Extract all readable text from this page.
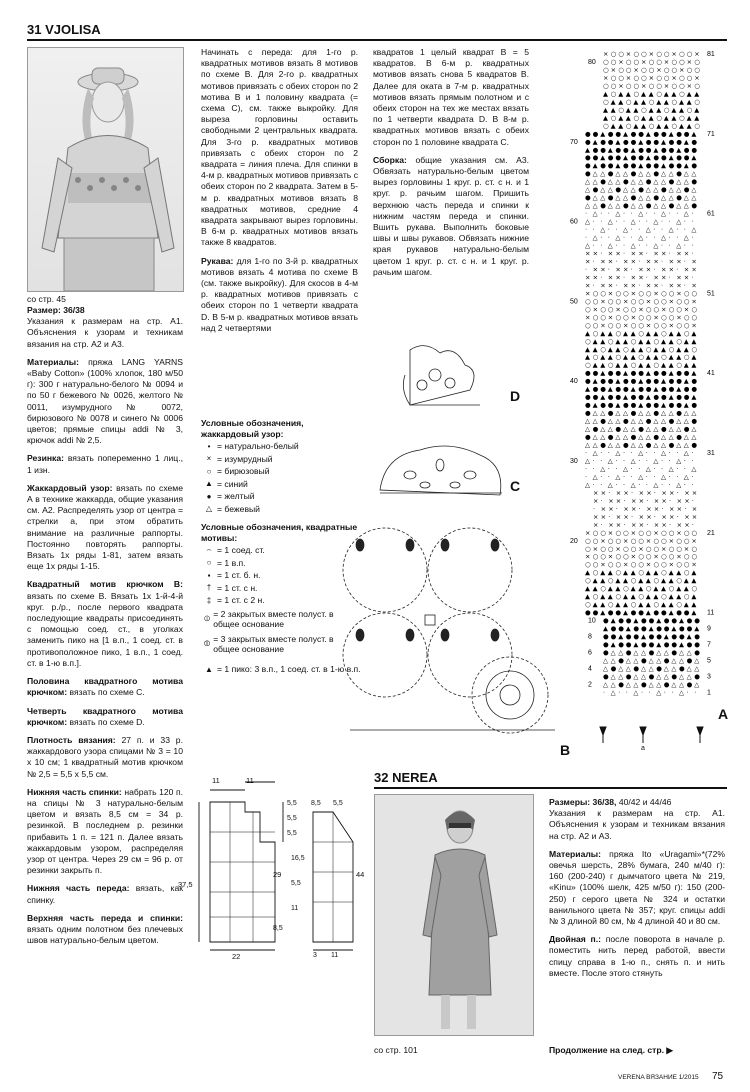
31 VJOLISA
со стр. 45

Размер: 36/38

Указания к размерам на стр. А1. Объяснения к узорам и техникам вязания на стр. А2 и А3.

Материалы: пряжа LANG YARNS «Baby Cotton» (100% хлопок, 180 м/50 г): 300 г натурально-белого № 0094 и по 50 г бежевого № 0026, желтого № 0011, изумрудного № 0072, бирюзового № 0078 и синего № 0006 цветов; прямые спицы addi № 3, крючок addi № 2,5.

Резинка: вязать попеременно 1 лиц., 1 изн.

Жаккардовый узор: вязать по схеме А в технике жаккарда, общие указания см. А2. Распределять узор от центра = стрелки а, при этом обратить внимание на различные раппорты. Постоянно повторять раппорты. Вязать 1х ряды 1-81, затем вязать еще 1х ряды 1-15.

Квадратный мотив крючком В: вязать по схеме В. Вязать 1х 1-й-4-й круг. р./р., после первого квадрата последующие квадраты присоединять с помощью соед. ст., в уголках заменить пико на [1 в.п., 1 соед. ст. в противоположное пико, 1 в.п., 1 соед. ст. в 1-ю в.п.].

Половина квадратного мотива крючком: вязать по схеме С.

Четверть квадратного мотива крючком: вязать по схеме D.

Плотность вязания: 27 п. и 33 р. жаккардового узора спицами № 3 = 10 х 10 см; 1 квадратный мотив крючком № 2,5 = 5,5 х 5,5 см.

Нижняя часть спинки: набрать 120 п. на спицы № 3 натурально-белым цветом и вязать 8,5 см = 34 р. резинкой. В последнем р. резинки прибавить 1 п. = 121 п. Далее вязать жаккардовым узором, распределяя узор от центра. Через 29 см = 96 р. от резинки закрыть п.

Нижняя часть переда: вязать, как спинку.

Верхняя часть переда и спинки: вязать одним полотном без плечевых швов натурально-белым цветом.

Начинать с переда: для 1-го р. квадратных мотивов вязать 8 мотивов по схеме В. Для 2-го р. квадратных мотивов привязать с обеих сторон по 2 мотива В и 1 половину квадрата (= схема С), см. также выкройку. Для выреза горловины оставить свободными 2 центральных квадрата. Для 3-го р. квадратных мотивов привязать с обеих сторон по 2 квадрата = линия плеча. Для спинки в 4-м р. квадратных мотивов привязать с обеих сторон по 2 квадрата. Затем в 5-м р. квадратных мотивов вязать 8 квадратных мотивов, средние 4 квадрата закрывают вырез горловины. В 6-м р. квадратных мотивов вязать также 8 квадратов.

Рукава: для 1-го по 3-й р. квадратных мотивов вязать 4 мотива по схеме В (см. также выкройку). Для скосов в 4-м р. квадратных мотивов привязать с обеих сторон по 1 четверти квадрата D. В 5-м р. квадратных мотивов вязать над 2 четвертями

квадратов 1 целый квадрат В = 5 квадратов. В 6-м р. квадратных мотивов вязать снова 5 квадратов В. Далее для оката в 7-м р. квадратных мотивов вязать прямым полотном и с обеих сторон на тех же местах вязать по 1 четверти квадрата D. В 8-м р. квадратных мотивов вязать с обеих сторон по 1 половине квадрата С.

Сборка: общие указания см. А3. Обвязать натурально-белым цветом вырез горловины 1 круг. р. ст. с н. и 1 круг. р. рачьим шагом. Пришить верхнюю часть переда и спинки к нижним частям переда и спинки. Вшить рукава. Выполнить боковые швы и швы рукавов. Обвязать нижние края рукавов натурально-белым цветом 1 круг. р. ст. с н. и 1 круг. р. рачьим шагом.

Условные обозначения, жаккардовый узор:
• = натурально-белый
× = изумрудный
○ = бирюзовый
▲ = синий
● = желтый
△ = бежевый
Условные обозначения, квадратные мотивы:
⌢ = 1 соед. ст.
○ = 1 в.п.
▪ = 1 ст. б. н.
† = 1 ст. с н.
‡ = 1 ст. с 2 н.
⦶ = 2 закрытых вместе полуст. в общее основание
⦷ = 3 закрытых вместе полуст. в общее основание
▲ = 1 пико: 3 в.п., 1 соед. ст. в 1-ю в.п.
D
C
B
× ○ ○ × ○ ○ × ○ ○ × ○ ○ ×
○ ○ × ○ ○ × ○ ○ × ○ ○ × ○
○ × ○ ○ × ○ ○ × ○ ○ × ○ ○
× ○ ○ × ○ ○ × ○ ○ × ○ ○ ×
○ ○ × ○ ○ × ○ ○ × ○ ○ × ○
▲ ○ ▲ ▲ ○ ▲ ▲ ○ ▲ ▲ ○ ▲ ▲
○ ▲ ▲ ○ ▲ ▲ ○ ▲ ▲ ○ ▲ ▲ ○
▲ ▲ ○ ▲ ▲ ○ ▲ ▲ ○ ▲ ▲ ○ ▲
▲ ○ ▲ ▲ ○ ▲ ▲ ○ ▲ ▲ ○ ▲ ▲
○ ▲ ▲ ○ ▲ ▲ ○ ▲ ▲ ○ ▲ ▲ ○
● ● ▲ ● ● ▲ ● ● ▲ ● ● ▲ ● ● ▲
● ▲ ● ● ▲ ● ● ▲ ● ● ▲ ● ● ▲ ●
▲ ● ● ▲ ● ● ▲ ● ● ▲ ● ● ▲ ● ●
● ● ▲ ● ● ▲ ● ● ▲ ● ● ▲ ● ● ▲
● ▲ ● ● ▲ ● ● ▲ ● ● ▲ ● ● ▲ ●
● △ △ ● △ △ ● △ △ ● △ △ ● △ △
△ △ ● △ △ ● △ △ ● △ △ ● △ △ ●
△ ● △ △ ● △ △ ● △ △ ● △ △ ● △
● △ △ ● △ △ ● △ △ ● △ △ ● △ △
△ △ ● △ △ ● △ △ ● △ △ ● △ △ ●
· △ · · △ · · △ · · △ · · △ ·
△ · · △ · · △ · · △ · · △ · ·
· · △ · · △ · · △ · · △ · · △
· △ · · △ · · △ · · △ · · △ ·
△ · · △ · · △ · · △ · · △ · ·
× × · × × · × × · × × · × × ·
× · × × · × × · × × · × × · ×
· × × · × × · × × · × × · × ×
× × · × × · × × · × × · × × ·
× · × × · × × · × × · × × · ×
× ○ ○ × ○ ○ × ○ ○ × ○ ○ × ○ ○
○ ○ × ○ ○ × ○ ○ × ○ ○ × ○ ○ ×
○ × ○ ○ × ○ ○ × ○ ○ × ○ ○ × ○
× ○ ○ × ○ ○ × ○ ○ × ○ ○ × ○ ○
○ ○ × ○ ○ × ○ ○ × ○ ○ × ○ ○ ×
▲ ○ ▲ ▲ ○ ▲ ▲ ○ ▲ ▲ ○ ▲ ▲ ○ ▲
○ ▲ ▲ ○ ▲ ▲ ○ ▲ ▲ ○ ▲ ▲ ○ ▲ ▲
▲ ▲ ○ ▲ ▲ ○ ▲ ▲ ○ ▲ ▲ ○ ▲ ▲ ○
▲ ○ ▲ ▲ ○ ▲ ▲ ○ ▲ ▲ ○ ▲ ▲ ○ ▲
○ ▲ ▲ ○ ▲ ▲ ○ ▲ ▲ ○ ▲ ▲ ○ ▲ ▲
● ● ▲ ● ● ▲ ● ● ▲ ● ● ▲ ● ● ▲
● ▲ ● ● ▲ ● ● ▲ ● ● ▲ ● ● ▲ ●
▲ ● ● ▲ ● ● ▲ ● ● ▲ ● ● ▲ ● ●
● ● ▲ ● ● ▲ ● ● ▲ ● ● ▲ ● ● ▲
● ▲ ● ● ▲ ● ● ▲ ● ● ▲ ● ● ▲ ●
● △ △ ● △ △ ● △ △ ● △ △ ● △ △
△ △ ● △ △ ● △ △ ● △ △ ● △ △ ●
△ ● △ △ ● △ △ ● △ △ ● △ △ ● △
● △ △ ● △ △ ● △ △ ● △ △ ● △ △
△ △ ● △ △ ● △ △ ● △ △ ● △ △ ●
· △ · · △ · · △ · · △ · · △ ·
△ · · △ · · △ · · △ · · △ · ·
· · △ · · △ · · △ · · △ · · △
· △ · · △ · · △ · · △ · · △ ·
△ · · △ · · △ · · △ · · △ · ·
× × · × × · × × · × × · × ×
× · × × · × × · × × · × × ·
· × × · × × · × × · × × · ×
× × · × × · × × · × × · × ×
× · × × · × × · × × · × × ·
× ○ ○ × ○ ○ × ○ ○ × ○ ○ × ○ ○
○ ○ × ○ ○ × ○ ○ × ○ ○ × ○ ○ ×
○ × ○ ○ × ○ ○ × ○ ○ × ○ ○ × ○
× ○ ○ × ○ ○ × ○ ○ × ○ ○ × ○ ○
○ ○ × ○ ○ × ○ ○ × ○ ○ × ○ ○ ×
▲ ○ ▲ ▲ ○ ▲ ▲ ○ ▲ ▲ ○ ▲ ▲ ○ ▲
○ ▲ ▲ ○ ▲ ▲ ○ ▲ ▲ ○ ▲ ▲ ○ ▲ ▲
▲ ▲ ○ ▲ ▲ ○ ▲ ▲ ○ ▲ ▲ ○ ▲ ▲ ○
▲ ○ ▲ ▲ ○ ▲ ▲ ○ ▲ ▲ ○ ▲ ▲ ○ ▲
○ ▲ ▲ ○ ▲ ▲ ○ ▲ ▲ ○ ▲ ▲ ○ ▲ ▲
● ● ▲ ● ● ▲ ● ● ▲ ● ● ▲ ● ● ▲
● ▲ ● ● ▲ ● ● ▲ ● ● ▲ ● ●
▲ ● ● ▲ ● ● ▲ ● ● ▲ ● ● ▲
● ● ▲ ● ● ▲ ● ● ▲ ● ● ▲ ●
● ▲ ● ● ▲ ● ● ▲ ● ● ▲ ● ●
● △ △ ● △ △ ● △ △ ● △ △ ●
△ △ ● △ △ ● △ △ ● △ △ ● △
△ ● △ △ ● △ △ ● △ △ ● △ △
● △ △ ● △ △ ● △ △ ● △ △ ●
△ △ ● △ △ ● △ △ ● △ △ ● △
· △ · · △ · · △ · · △ · ·
81
71
61
51
41
31
21
11
9
7
5
3
1
80
70
60
50
40
30
20
10
8
6
4
2
A
a
11	11
5,5
5,5
5,5
37,5
29
8,5
22
8,5 5,5
16,5
5,5
11
44
3 11
32 NEREA
со стр. 101

Размеры: 36/38, 40/42 и 44/46

Указания к размерам на стр. А1. Объяснения к узорам и техникам вязания на стр. А2 и А3.

Материалы: пряжа Ito «Uragami»*(72% овечья шерсть, 28% бумага, 240 м/40 г): 160 (200-240) г дымчатого цвета № 219, «Kinu» (100% шелк, 425 м/50 г): 150 (200-250) г серого цвета № 324 и остатки ванильного цвета № 357; круг. спицы addi № 3 длиной 80 см, № 4 длиной 40 и 80 см.

Двойная п.: после поворота в начале р. поместить нить перед работой, ввести спицу справа в 1-ю п., снять п. и нить вместе. После этого стянуть

Продолжение на след. стр. ▶
VERENA ВЯЗАНИЕ 1/2015 75
